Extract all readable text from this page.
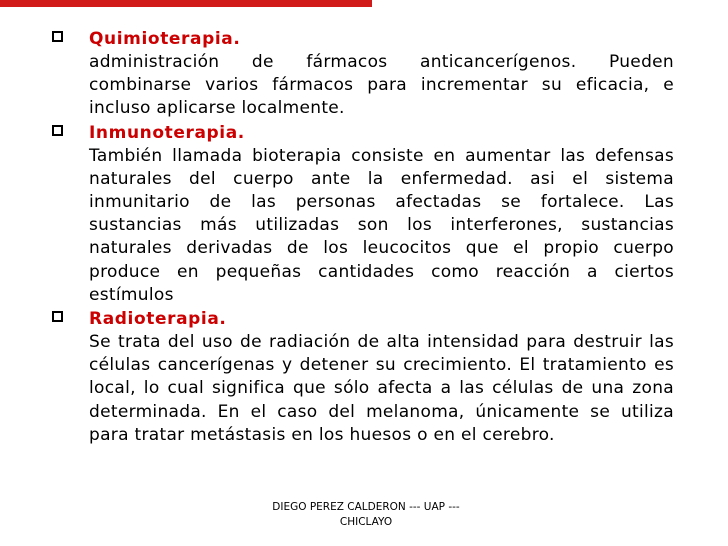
Quimioterapia.

administración de fármacos anticancerígenos. Pueden combinarse varios fármacos para incrementar su eficacia, e incluso aplicarse localmente.

Inmunoterapia.

También llamada bioterapia consiste en aumentar las defensas naturales del cuerpo ante la enfermedad. asi el sistema inmunitario de las personas afectadas se fortalece. Las sustancias más utilizadas son los interferones, sustancias naturales derivadas de los leucocitos que el propio cuerpo produce en pequeñas cantidades como reacción a ciertos estímulos

Radioterapia.

Se trata del uso de radiación de alta intensidad para destruir las células cancerígenas y detener su crecimiento. El tratamiento es local, lo cual significa que sólo afecta a las células de una zona determinada. En el caso del melanoma, únicamente se utiliza para tratar metástasis en los huesos o en el cerebro.

DIEGO PEREZ CALDERON --- UAP ---CHICLAYO
